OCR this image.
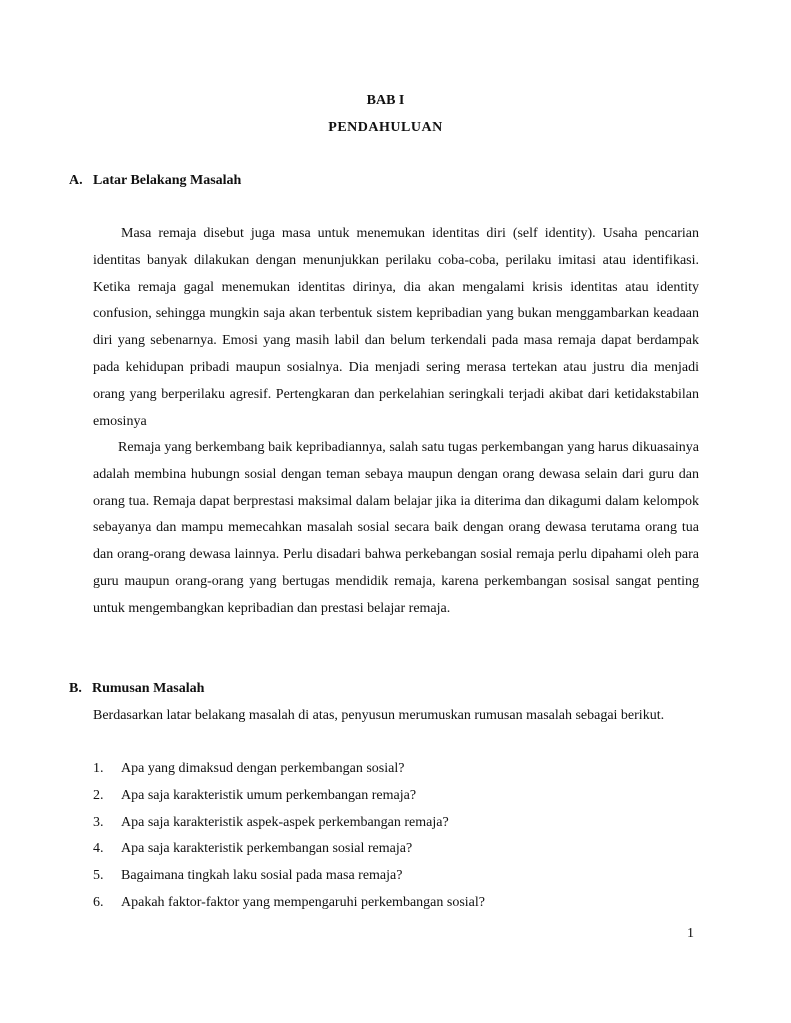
BAB I
PENDAHULUAN
A. Latar Belakang Masalah

Masa remaja disebut juga masa untuk menemukan identitas diri (self identity). Usaha pencarian identitas banyak dilakukan dengan menunjukkan perilaku coba-coba, perilaku imitasi atau identifikasi. Ketika remaja gagal menemukan identitas dirinya, dia akan mengalami krisis identitas atau identity confusion, sehingga mungkin saja akan terbentuk sistem kepribadian yang bukan menggambarkan keadaan diri yang sebenarnya. Emosi yang masih labil dan belum terkendali pada masa remaja dapat berdampak pada kehidupan pribadi maupun sosialnya. Dia menjadi sering merasa tertekan atau justru dia menjadi orang yang berperilaku agresif. Pertengkaran dan perkelahian seringkali terjadi akibat dari ketidakstabilan emosinya

Remaja yang berkembang baik kepribadiannya, salah satu tugas perkembangan yang harus dikuasainya adalah membina hubungn sosial dengan teman sebaya maupun dengan orang dewasa selain dari guru dan orang tua. Remaja dapat berprestasi maksimal dalam belajar jika ia diterima dan dikagumi dalam kelompok sebayanya dan mampu memecahkan masalah sosial secara baik dengan orang dewasa terutama orang tua dan orang-orang dewasa lainnya. Perlu disadari bahwa perkebangan sosial remaja perlu dipahami oleh para guru maupun orang-orang yang bertugas mendidik remaja, karena perkembangan sosisal sangat penting untuk mengembangkan kepribadian dan prestasi belajar remaja.

B. Rumusan Masalah

Berdasarkan latar belakang masalah di atas, penyusun merumuskan rumusan masalah sebagai berikut.

1.	Apa yang dimaksud dengan perkembangan sosial?
2.	Apa saja karakteristik umum perkembangan remaja?
3.	Apa saja karakteristik aspek-aspek perkembangan remaja?
4.	Apa saja karakteristik perkembangan sosial remaja?
5.	Bagaimana tingkah laku sosial pada masa remaja?
6.	Apakah faktor-faktor yang mempengaruhi perkembangan sosial?
1
